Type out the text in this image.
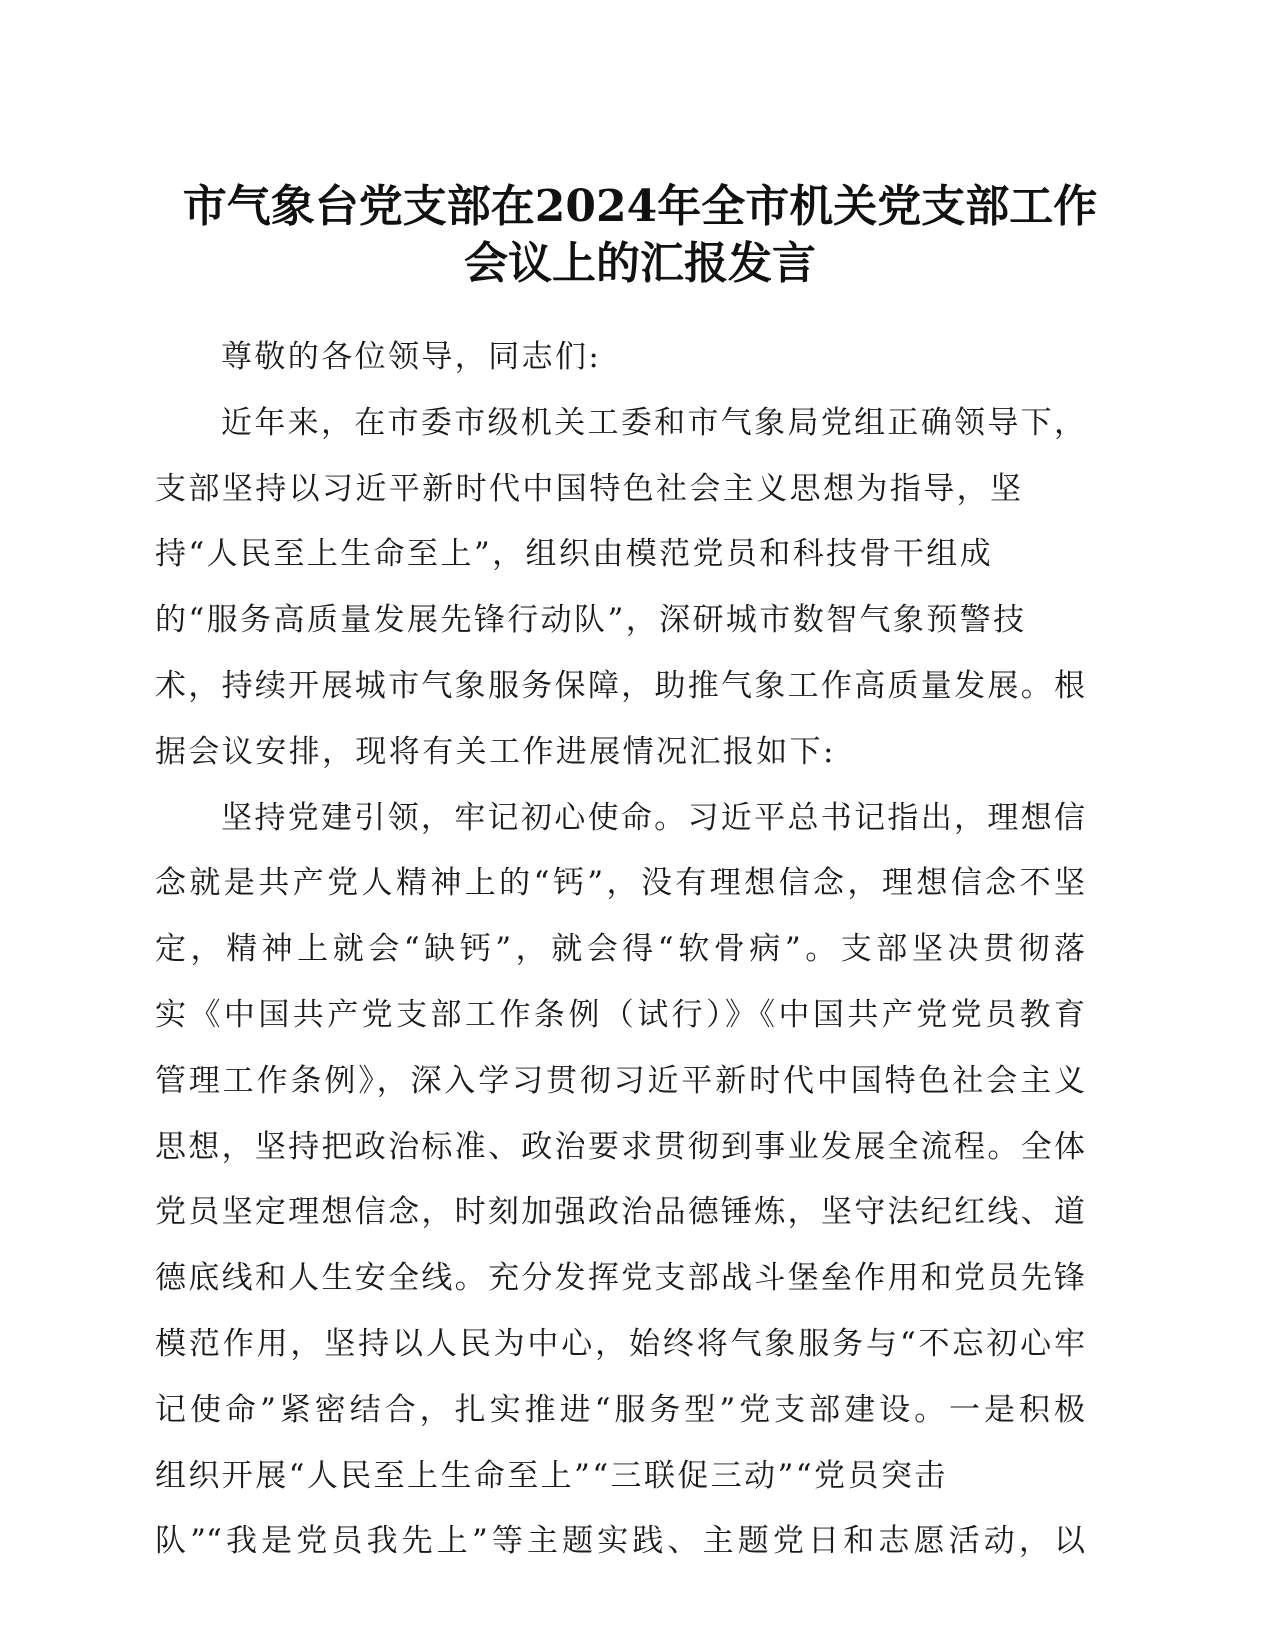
市气象台党支部在2024年全市机关党支部工作
会议上的汇报发言
尊敬的各位领导，同志们:
近年来，在市委市级机关工委和市气象局党组正确领导下，
支部坚持以习近平新时代中国特色社会主义思想为指导，坚
持“人民至上生命至上”，组织由模范党员和科技骨干组成
的“服务高质量发展先锋行动队”，深研城市数智气象预警技
术，持续开展城市气象服务保障，助推气象工作高质量发展。根
据会议安排，现将有关工作进展情况汇报如下:
坚持党建引领，牢记初心使命。习近平总书记指出，理想信
念就是共产党人精神上的“钙”，没有理想信念，理想信念不坚
定，精神上就会“缺钙”，就会得“软骨病”。支部坚决贯彻落
实《中国共产党支部工作条例（试行）》《中国共产党党员教育
管理工作条例》，深入学习贯彻习近平新时代中国特色社会主义
思想，坚持把政治标准、政治要求贯彻到事业发展全流程。全体
党员坚定理想信念，时刻加强政治品德锤炼，坚守法纪红线、道
德底线和人生安全线。充分发挥党支部战斗堡垒作用和党员先锋
模范作用，坚持以人民为中心，始终将气象服务与“不忘初心牢
记使命”紧密结合，扎实推进“服务型”党支部建设。一是积极
组织开展“人民至上生命至上”“三联促三动”“党员突击
队”“我是党员我先上”等主题实践、主题党日和志愿活动，以
